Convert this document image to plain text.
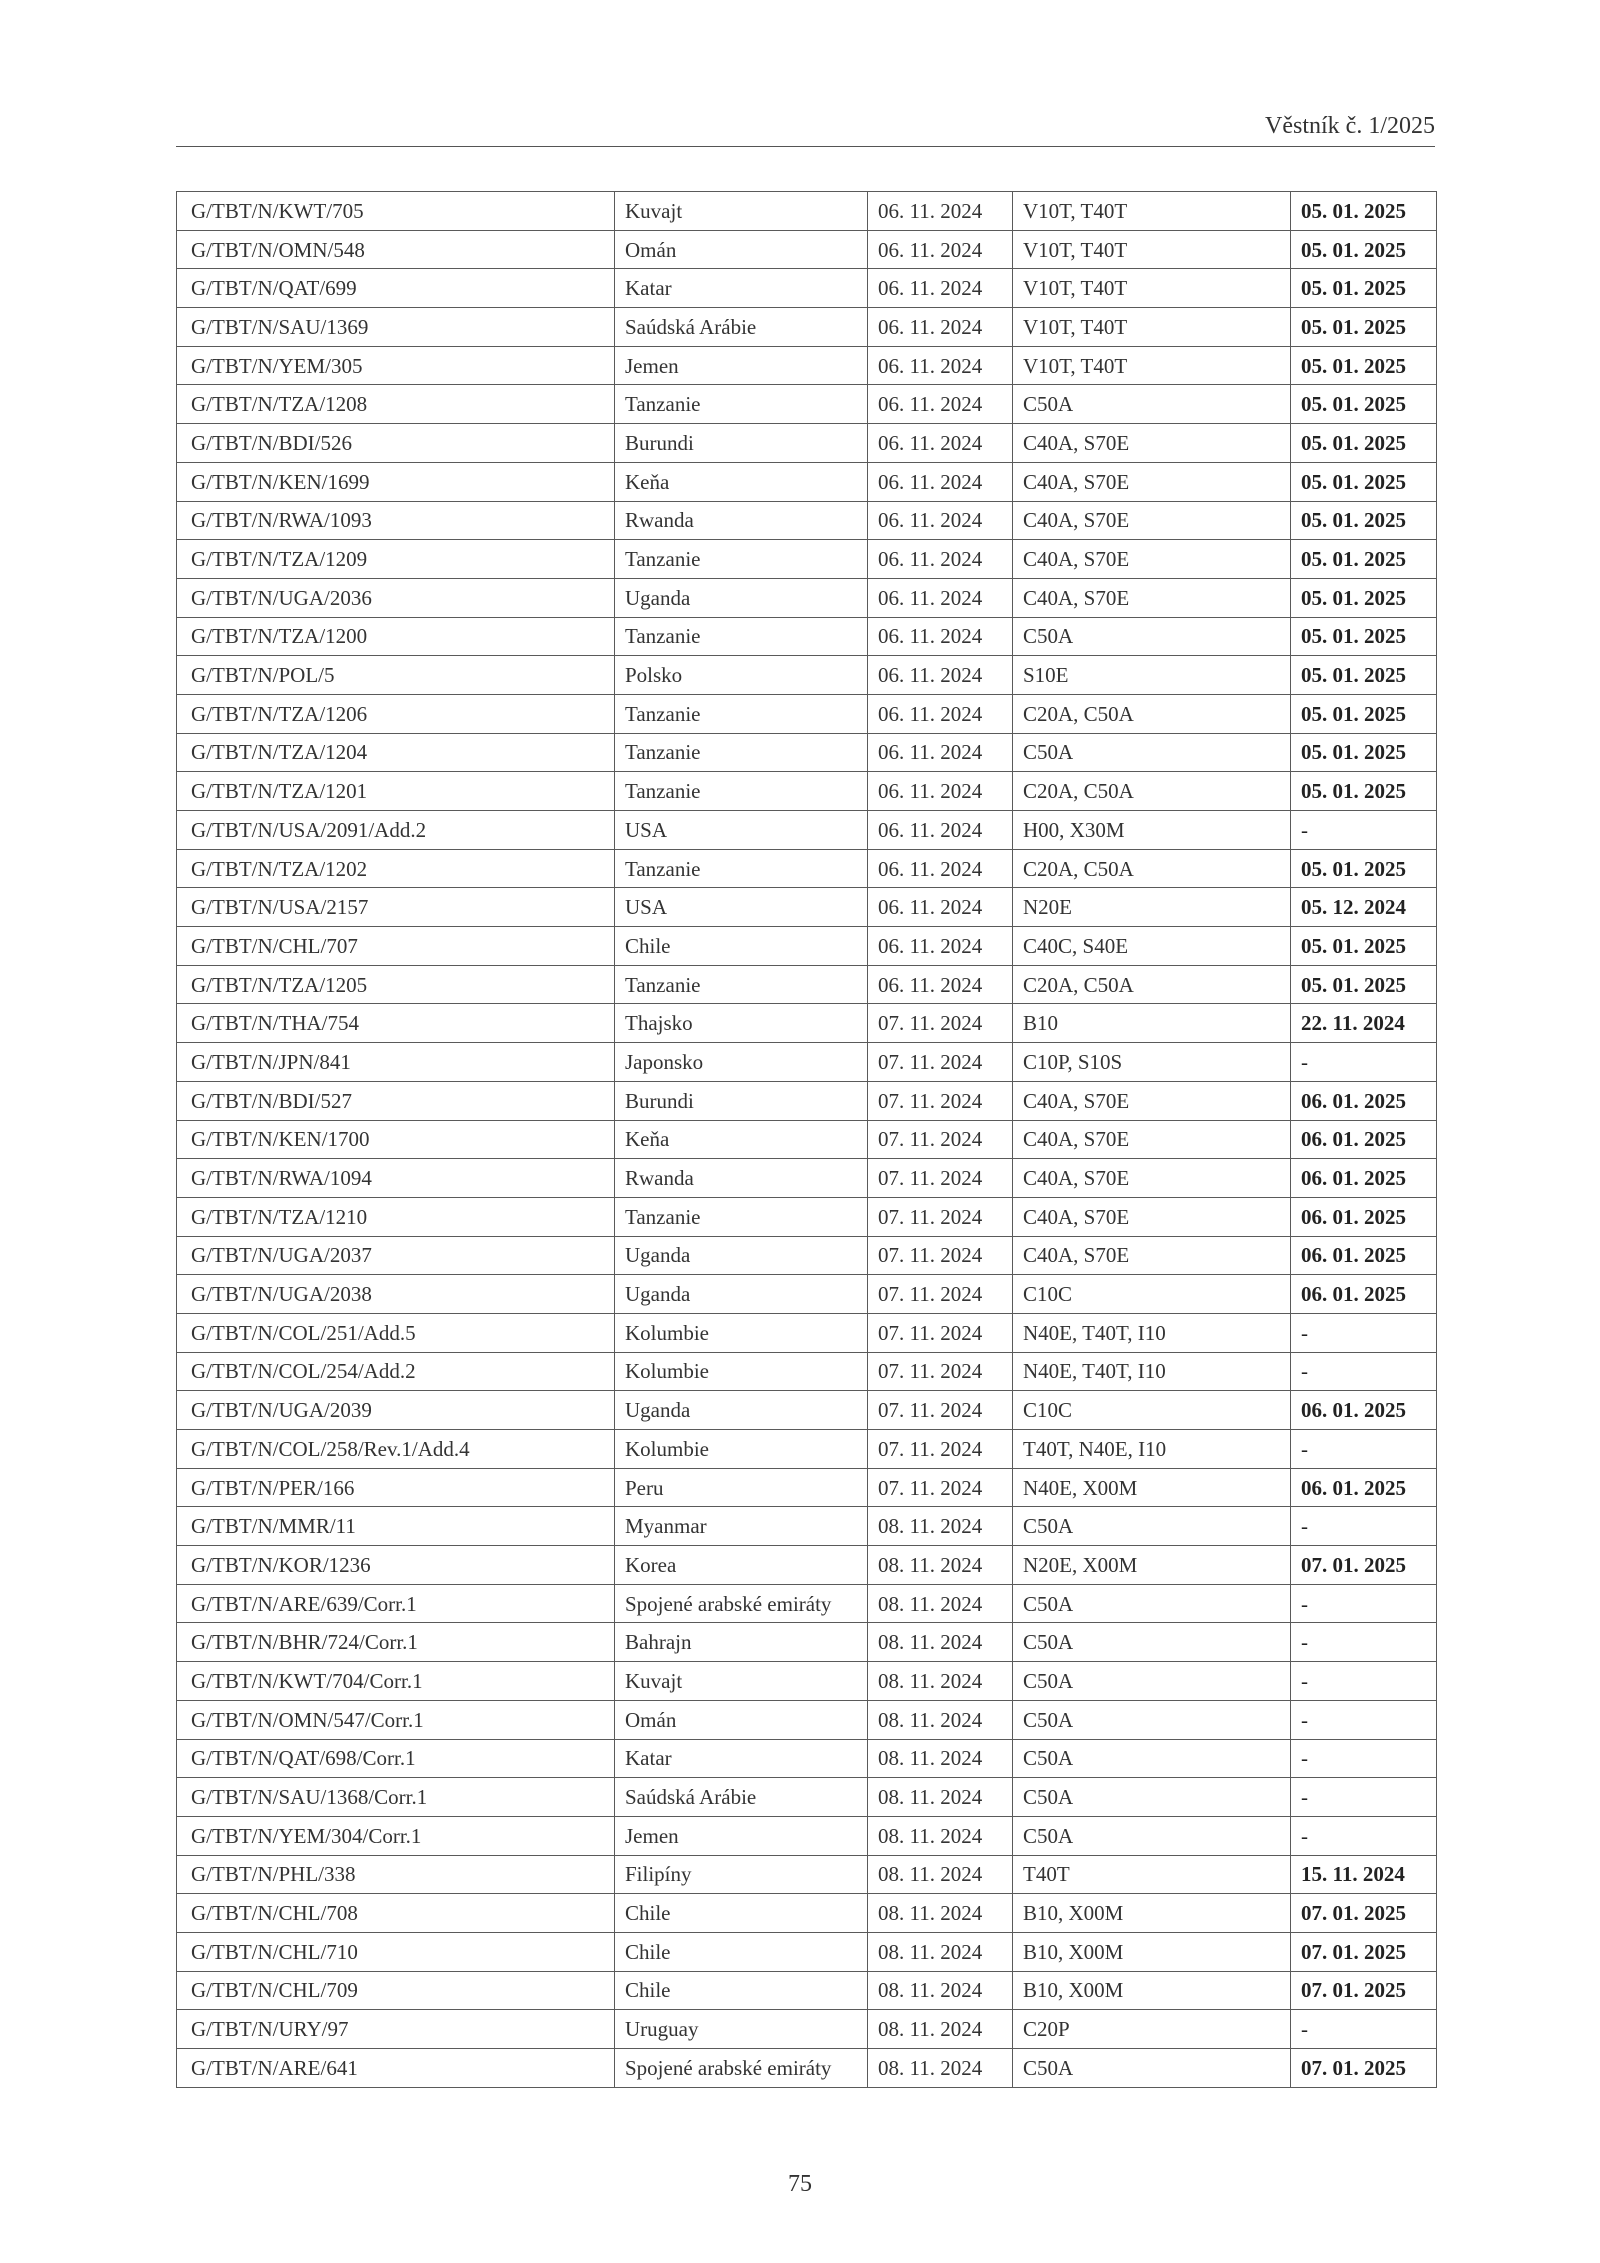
Věstník č. 1/2025
G/TBT/N/KWT/705	Kuvajt	06. 11. 2024	V10T, T40T	05. 01. 2025
G/TBT/N/OMN/548	Omán	06. 11. 2024	V10T, T40T	05. 01. 2025
G/TBT/N/QAT/699	Katar	06. 11. 2024	V10T, T40T	05. 01. 2025
G/TBT/N/SAU/1369	Saúdská Arábie	06. 11. 2024	V10T, T40T	05. 01. 2025
G/TBT/N/YEM/305	Jemen	06. 11. 2024	V10T, T40T	05. 01. 2025
G/TBT/N/TZA/1208	Tanzanie	06. 11. 2024	C50A	05. 01. 2025
G/TBT/N/BDI/526	Burundi	06. 11. 2024	C40A, S70E	05. 01. 2025
G/TBT/N/KEN/1699	Keňa	06. 11. 2024	C40A, S70E	05. 01. 2025
G/TBT/N/RWA/1093	Rwanda	06. 11. 2024	C40A, S70E	05. 01. 2025
G/TBT/N/TZA/1209	Tanzanie	06. 11. 2024	C40A, S70E	05. 01. 2025
G/TBT/N/UGA/2036	Uganda	06. 11. 2024	C40A, S70E	05. 01. 2025
G/TBT/N/TZA/1200	Tanzanie	06. 11. 2024	C50A	05. 01. 2025
G/TBT/N/POL/5	Polsko	06. 11. 2024	S10E	05. 01. 2025
G/TBT/N/TZA/1206	Tanzanie	06. 11. 2024	C20A, C50A	05. 01. 2025
G/TBT/N/TZA/1204	Tanzanie	06. 11. 2024	C50A	05. 01. 2025
G/TBT/N/TZA/1201	Tanzanie	06. 11. 2024	C20A, C50A	05. 01. 2025
G/TBT/N/USA/2091/Add.2	USA	06. 11. 2024	H00, X30M	-
G/TBT/N/TZA/1202	Tanzanie	06. 11. 2024	C20A, C50A	05. 01. 2025
G/TBT/N/USA/2157	USA	06. 11. 2024	N20E	05. 12. 2024
G/TBT/N/CHL/707	Chile	06. 11. 2024	C40C, S40E	05. 01. 2025
G/TBT/N/TZA/1205	Tanzanie	06. 11. 2024	C20A, C50A	05. 01. 2025
G/TBT/N/THA/754	Thajsko	07. 11. 2024	B10	22. 11. 2024
G/TBT/N/JPN/841	Japonsko	07. 11. 2024	C10P, S10S	-
G/TBT/N/BDI/527	Burundi	07. 11. 2024	C40A, S70E	06. 01. 2025
G/TBT/N/KEN/1700	Keňa	07. 11. 2024	C40A, S70E	06. 01. 2025
G/TBT/N/RWA/1094	Rwanda	07. 11. 2024	C40A, S70E	06. 01. 2025
G/TBT/N/TZA/1210	Tanzanie	07. 11. 2024	C40A, S70E	06. 01. 2025
G/TBT/N/UGA/2037	Uganda	07. 11. 2024	C40A, S70E	06. 01. 2025
G/TBT/N/UGA/2038	Uganda	07. 11. 2024	C10C	06. 01. 2025
G/TBT/N/COL/251/Add.5	Kolumbie	07. 11. 2024	N40E, T40T, I10	-
G/TBT/N/COL/254/Add.2	Kolumbie	07. 11. 2024	N40E, T40T, I10	-
G/TBT/N/UGA/2039	Uganda	07. 11. 2024	C10C	06. 01. 2025
G/TBT/N/COL/258/Rev.1/Add.4	Kolumbie	07. 11. 2024	T40T, N40E, I10	-
G/TBT/N/PER/166	Peru	07. 11. 2024	N40E, X00M	06. 01. 2025
G/TBT/N/MMR/11	Myanmar	08. 11. 2024	C50A	-
G/TBT/N/KOR/1236	Korea	08. 11. 2024	N20E, X00M	07. 01. 2025
G/TBT/N/ARE/639/Corr.1	Spojené arabské emiráty	08. 11. 2024	C50A	-
G/TBT/N/BHR/724/Corr.1	Bahrajn	08. 11. 2024	C50A	-
G/TBT/N/KWT/704/Corr.1	Kuvajt	08. 11. 2024	C50A	-
G/TBT/N/OMN/547/Corr.1	Omán	08. 11. 2024	C50A	-
G/TBT/N/QAT/698/Corr.1	Katar	08. 11. 2024	C50A	-
G/TBT/N/SAU/1368/Corr.1	Saúdská Arábie	08. 11. 2024	C50A	-
G/TBT/N/YEM/304/Corr.1	Jemen	08. 11. 2024	C50A	-
G/TBT/N/PHL/338	Filipíny	08. 11. 2024	T40T	15. 11. 2024
G/TBT/N/CHL/708	Chile	08. 11. 2024	B10, X00M	07. 01. 2025
G/TBT/N/CHL/710	Chile	08. 11. 2024	B10, X00M	07. 01. 2025
G/TBT/N/CHL/709	Chile	08. 11. 2024	B10, X00M	07. 01. 2025
G/TBT/N/URY/97	Uruguay	08. 11. 2024	C20P	-
G/TBT/N/ARE/641	Spojené arabské emiráty	08. 11. 2024	C50A	07. 01. 2025
75
